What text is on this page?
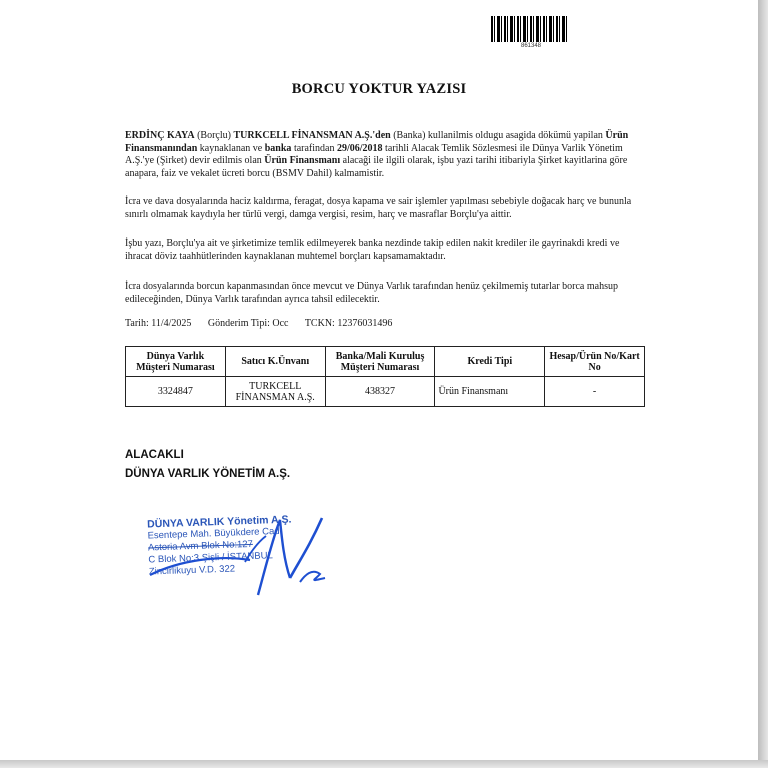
861348
BORCU YOKTUR YAZISI

ERDİNÇ KAYA (Borçlu) TURKCELL FİNANSMAN A.Ş.'den (Banka) kullanilmis oldugu asagida dökümü yapilan Ürün Finansmanından kaynaklanan ve banka tarafindan 29/06/2018 tarihli Alacak Temlik Sözlesmesi ile Dünya Varlik Yönetim A.Ş.'ye (Şirket) devir edilmis olan Ürün Finansmanı alacaği ile ilgili olarak, işbu yazi tarihi itibariyla Şirket kayitlarina göre anapara, faiz ve vekalet ücreti borcu (BSMV Dahil) kalmamistir.

İcra ve dava dosyalarında haciz kaldırma, feragat, dosya kapama ve sair işlemler yapılması sebebiyle doğacak harç ve bununla sınırlı olmamak kaydıyla her türlü vergi, damga vergisi, resim, harç ve masraflar Borçlu'ya aittir.

İşbu yazı, Borçlu'ya ait ve şirketimize temlik edilmeyerek banka nezdinde takip edilen nakit krediler ile gayrinakdi kredi ve ihracat döviz taahhütlerinden kaynaklanan muhtemel borçları kapsamamaktadır.

İcra dosyalarında borcun kapanmasından önce mevcut ve Dünya Varlık tarafından henüz çekilmemiş tutarlar borca mahsup edileceğinden, Dünya Varlık tarafından ayrıca tahsil edilecektir.

Tarih: 11/4/2025 Gönderim Tipi: Occ TCKN: 12376031496
Dünya Varlık Müşteri Numarası	Satıcı K.Ünvanı	Banka/Mali Kuruluş Müşteri Numarası	Kredi Tipi	Hesap/Ürün No/Kart No
3324847	TURKCELL FİNANSMAN A.Ş.	438327	Ürün Finansmanı	-
ALACAKLI
DÜNYA VARLIK YÖNETİM A.Ş.
DÜNYA VARLIK Yönetim A.Ş.
Esentepe Mah. Büyükdere Cad.
Astoria Avm Blok No:127
C Blok No:3 Şişli / İSTANBUL
Zincirlikuyu V.D. 322
